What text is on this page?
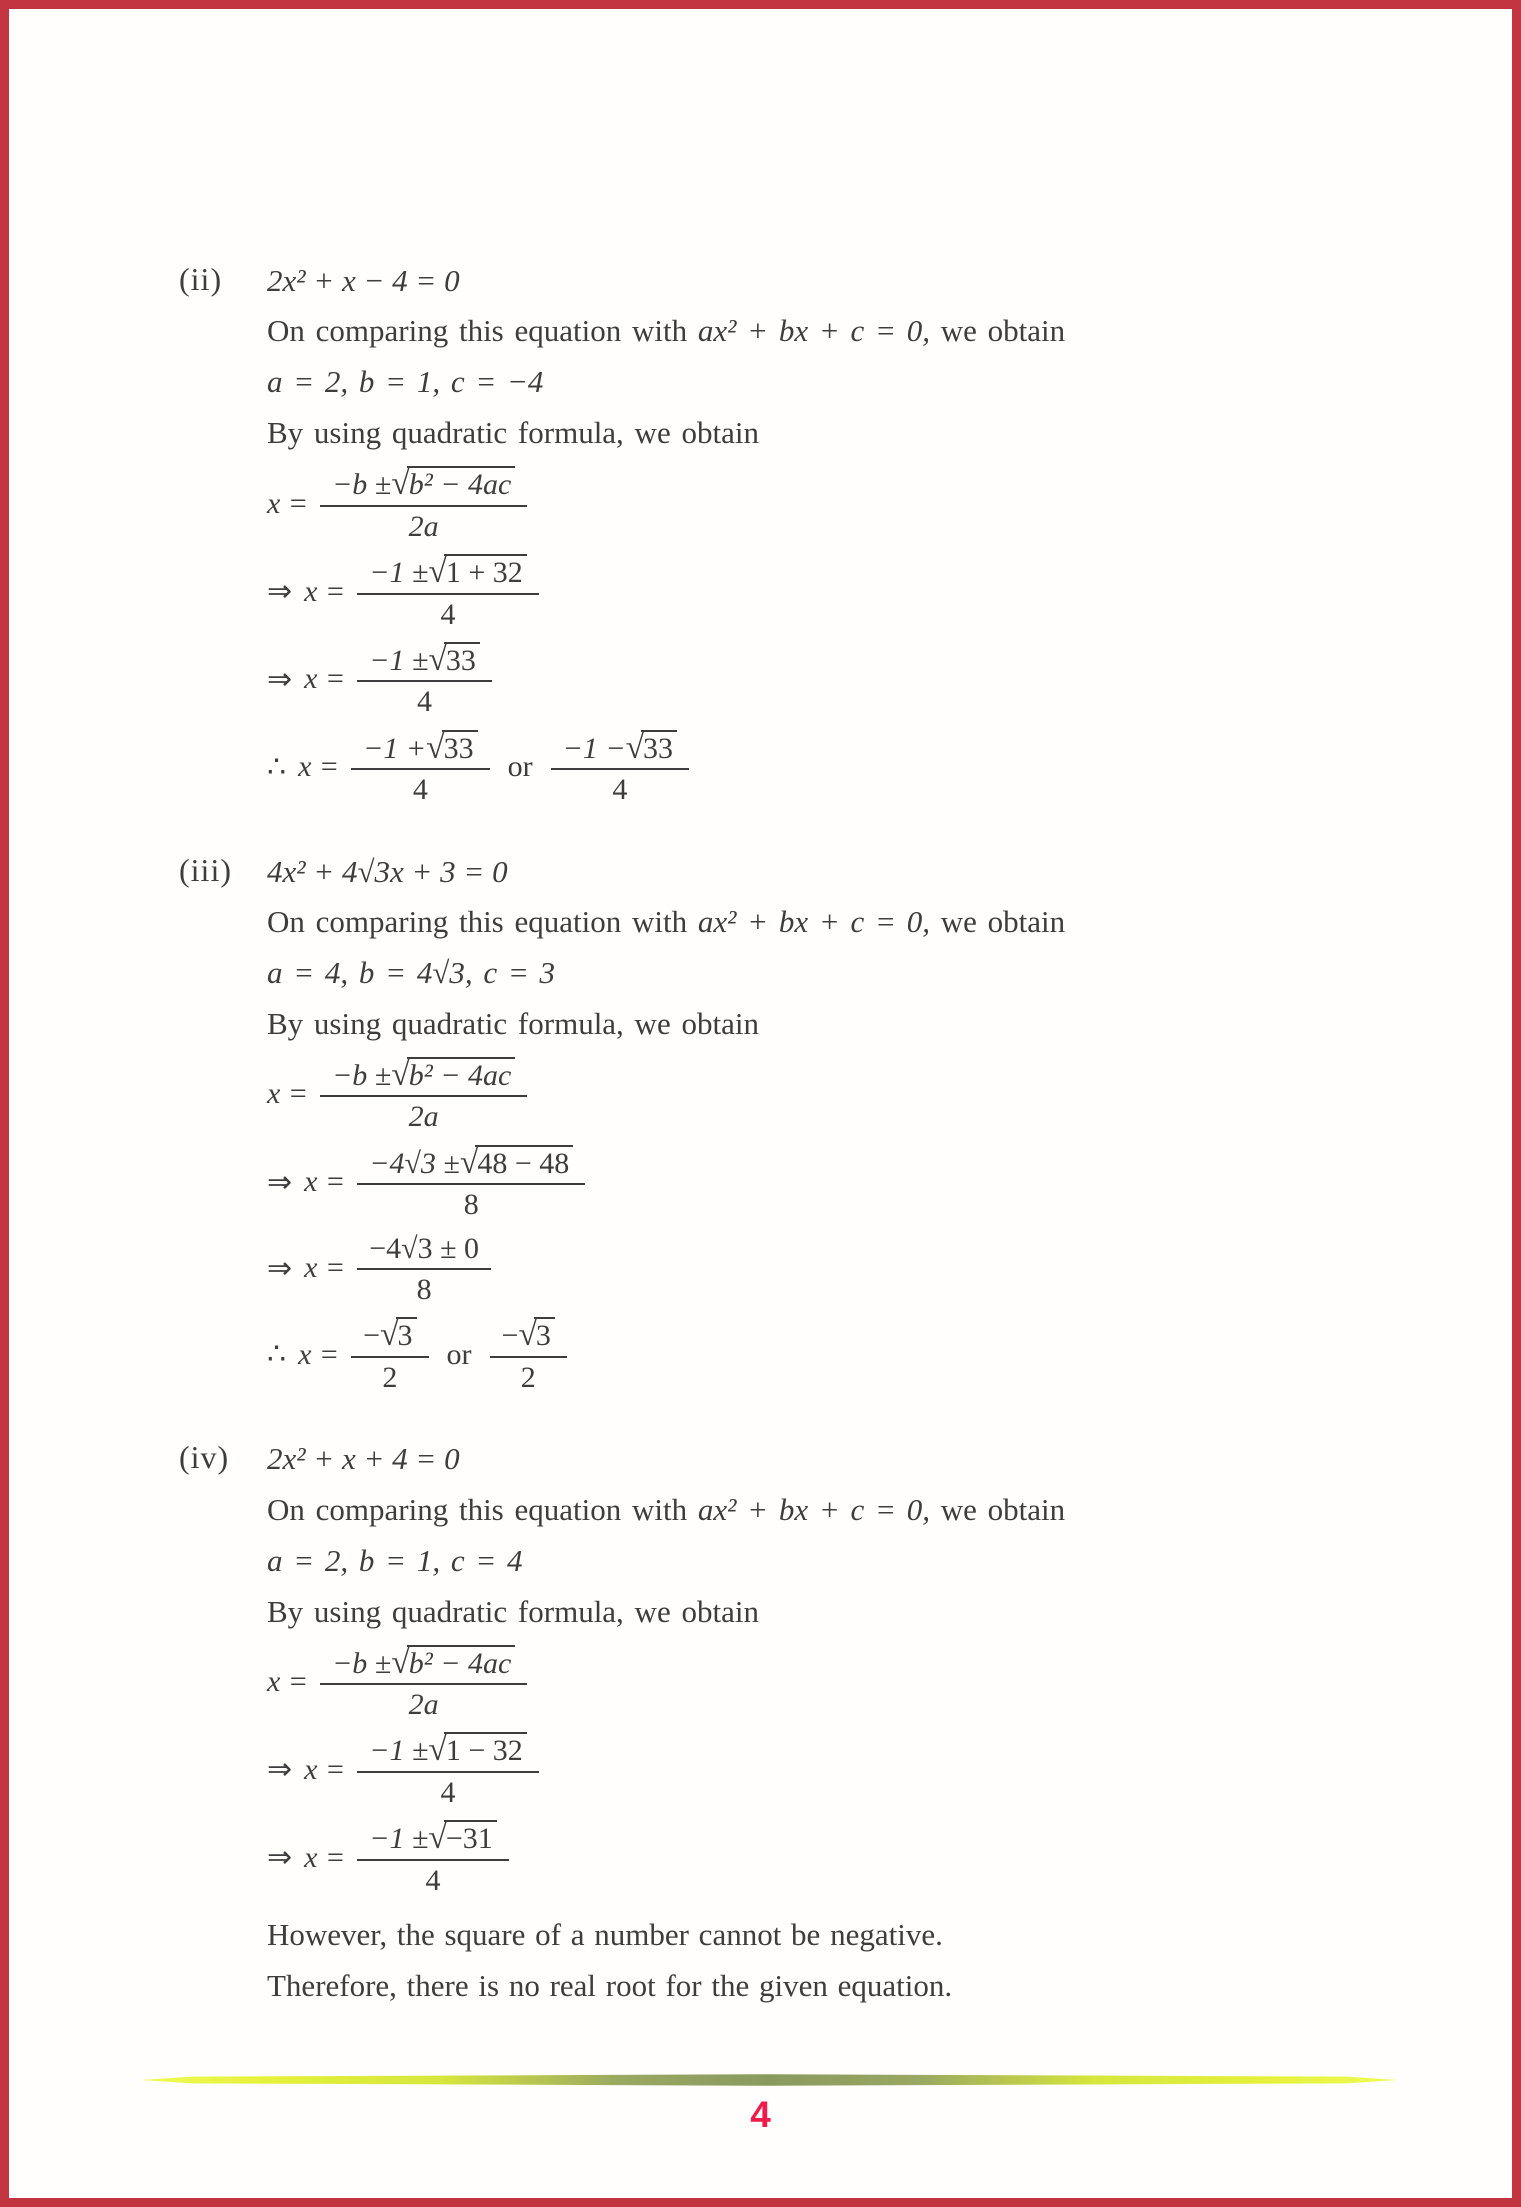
(ii)	2x² + x − 4 = 0

On comparing this equation with ax² + bx + c = 0, we obtain

a = 2, b = 1, c = −4

By using quadratic formula, we obtain

$x = \frac{\text{−b ± √ b² − 4ac}}{2a}$
⇒ $x = \frac{-1 \pm √ 1 + 32}{4}$
⇒ $x = \frac{-1 \pm √ 33}{4}$
∴ $x = \frac{-1 + √ 33}{4}$ or $\frac{-1 - √ 33}{4}$
(iii)	4x² + 4√3x + 3 = 0

On comparing this equation with ax² + bx + c = 0, we obtain

a = 4, b = 4√3, c = 3

By using quadratic formula, we obtain

$x = \frac{\text{−b ± √ b² − 4ac}}{2a}$
⇒ $x = \frac{-4√3 \pm √ 48 - 48}{8}$
⇒ $x = \frac{-4√3 \pm 0}{8}$
∴ $x = \frac{- √ 3}{2}$ or $\frac{- √ 3}{2}$
(iv)	2x² + x + 4 = 0

On comparing this equation with ax² + bx + c = 0, we obtain

a = 2, b = 1, c = 4

By using quadratic formula, we obtain

$x = \frac{\text{−b ± √ b² − 4ac}}{2a}$
⇒ $x = \frac{-1 \pm √ 1 - 32}{4}$
⇒ $x = \frac{-1 \pm √ -31}{4}$

However, the square of a number cannot be negative.

Therefore, there is no real root for the given equation.

4
